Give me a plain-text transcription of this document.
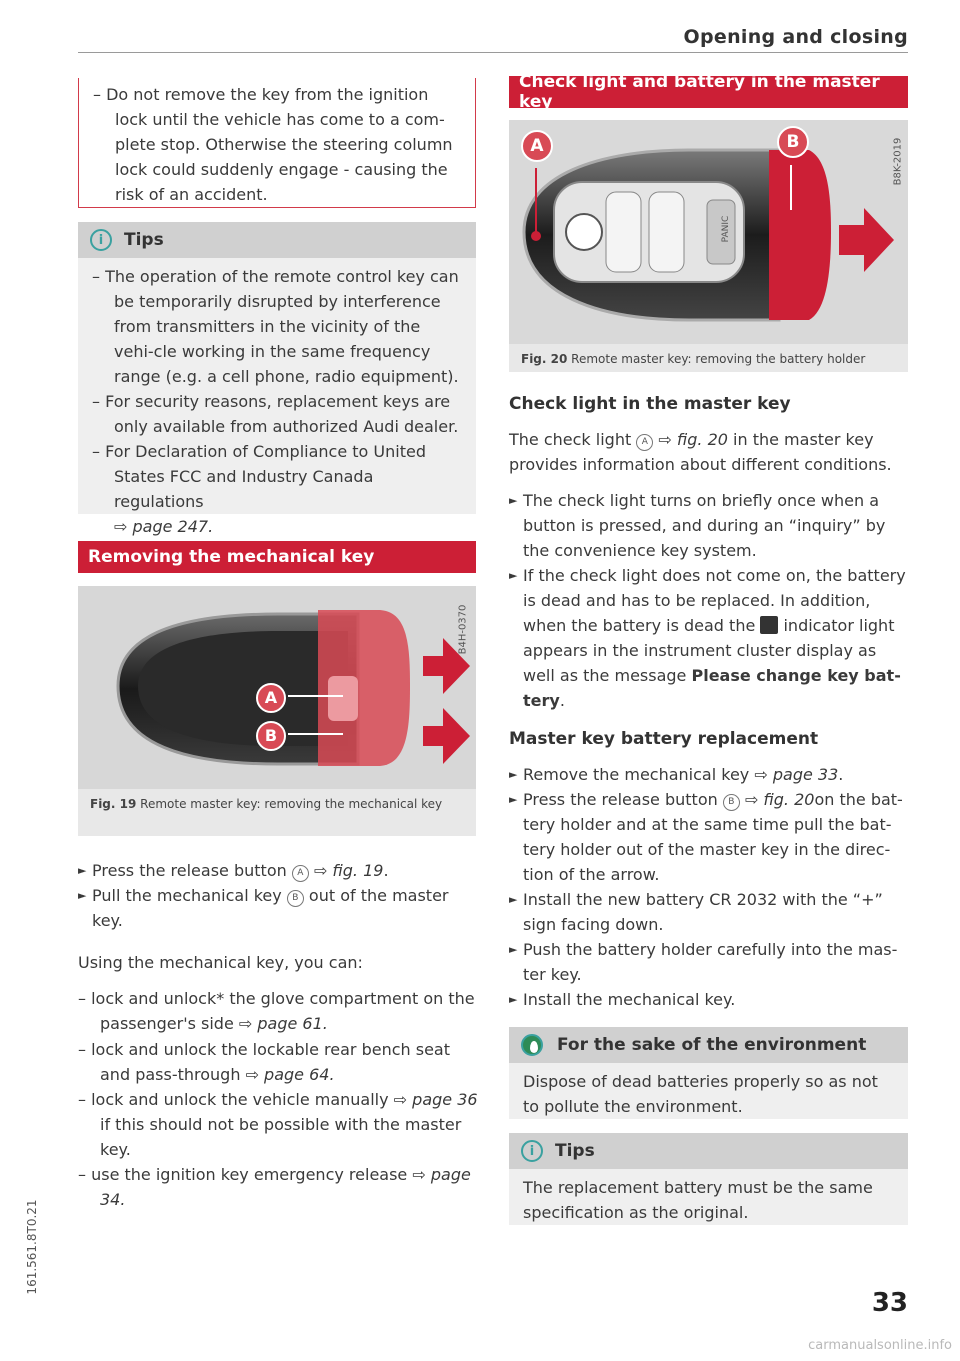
Opening and closing
– Do not remove the key from the ignition lock until the vehicle has come to a com-plete stop. Otherwise the steering column lock could suddenly engage - causing the risk of an accident.
i	Tips
– The operation of the remote control key can be temporarily disrupted by interference from transmitters in the vicinity of the vehi-cle working in the same frequency range (e.g. a cell phone, radio equipment).
– For security reasons, replacement keys are only available from authorized Audi dealer.
– For Declaration of Compliance to United States FCC and Industry Canada regulations
⇨ page 247.
Removing the mechanical key
A
B
B4H-0370
Fig. 19 Remote master key: removing the mechanical key
► Press the release button A ⇨ fig. 19.
► Pull the mechanical key B out of the master key.
Using the mechanical key, you can:
– lock and unlock* the glove compartment on the passenger's side ⇨ page 61.
– lock and unlock the lockable rear bench seat and pass-through ⇨ page 64.
– lock and unlock the vehicle manually ⇨ page 36 if this should not be possible with the master key.
– use the ignition key emergency release ⇨ page 34.
Check light and battery in the master key
A	B
PANIC
B8K-2019
Fig. 20 Remote master key: removing the battery holder
Check light in the master key
The check light A ⇨ fig. 20 in the master key provides information about different conditions.
► The check light turns on briefly once when a button is pressed, and during an “inquiry” by the convenience key system.
► If the check light does not come on, the battery is dead and has to be replaced. In addition, when the battery is dead the indicator light appears in the instrument cluster display as well as the message Please change key bat-tery.
Master key battery replacement
► Remove the mechanical key ⇨ page 33.
► Press the release button B ⇨ fig. 20on the bat-tery holder and at the same time pull the bat-tery holder out of the master key in the direc-tion of the arrow.
► Install the new battery CR 2032 with the “+” sign facing down.
► Push the battery holder carefully into the mas-ter key.
► Install the mechanical key.
For the sake of the environment
Dispose of dead batteries properly so as not to pollute the environment.
i	Tips
The replacement battery must be the same specification as the original.
161.561.8T0.21
33
carmanualsonline.info
